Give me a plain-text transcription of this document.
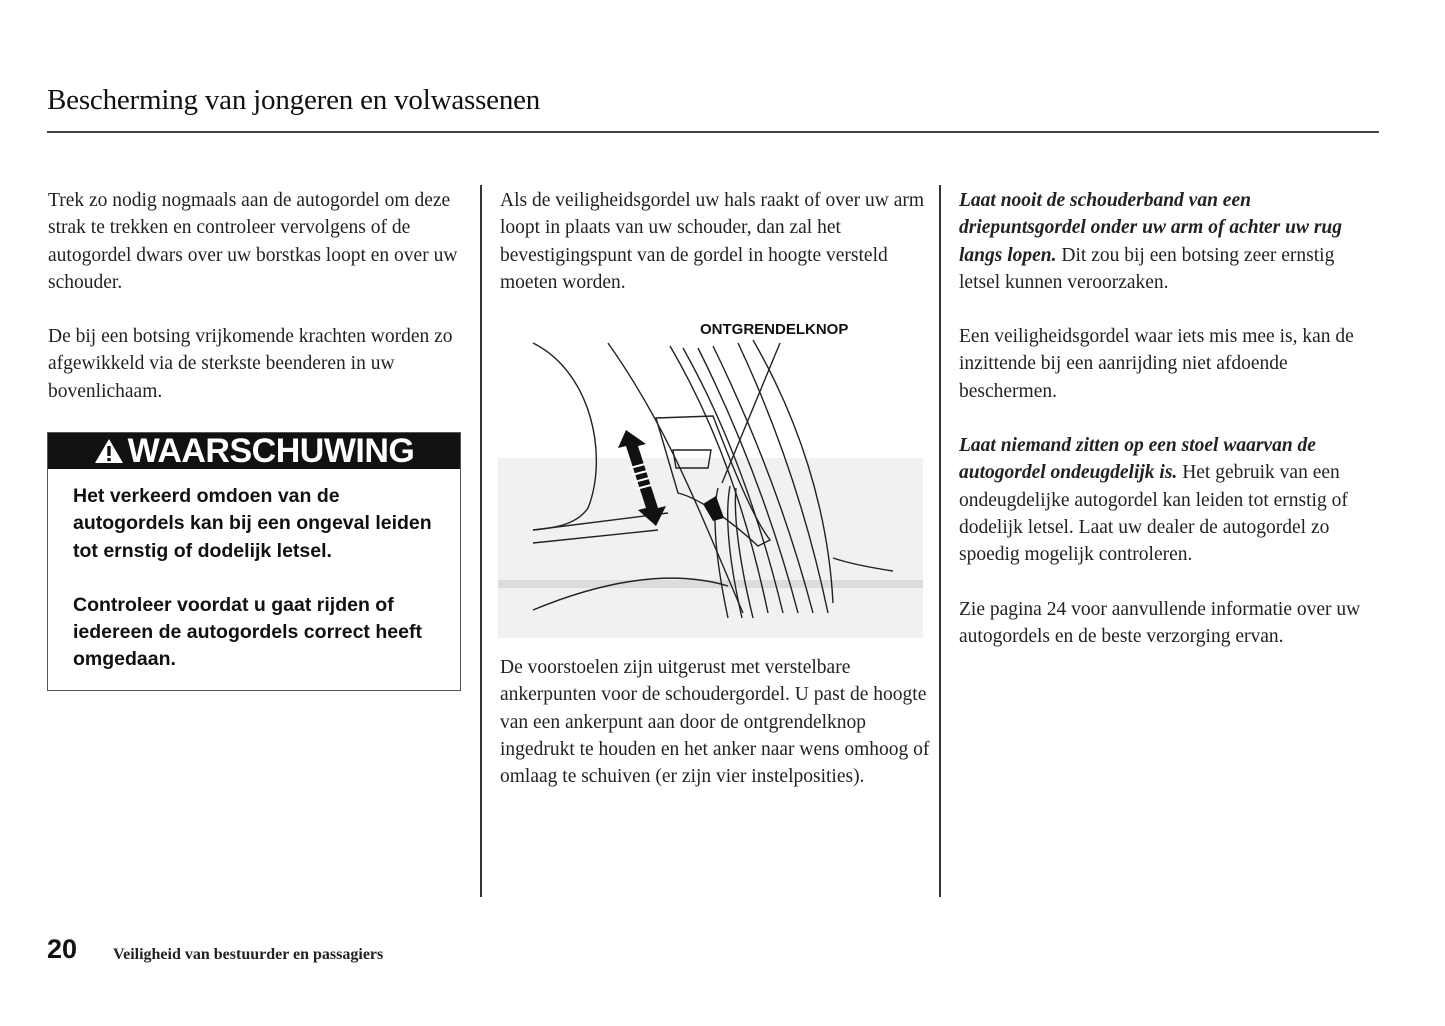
Bescherming van jongeren en volwassenen

Trek zo nodig nogmaals aan de autogordel om deze strak te trekken en controleer vervolgens of de autogordel dwars over uw borstkas loopt en over uw schouder.

De bij een botsing vrijkomende krachten worden zo afgewikkeld via de sterkste beenderen in uw bovenlichaam.

WAARSCHUWING

Het verkeerd omdoen van de autogordels kan bij een ongeval leiden tot ernstig of dodelijk letsel.

Controleer voordat u gaat rijden of iedereen de autogordels correct heeft omgedaan.

Als de veiligheidsgordel uw hals raakt of over uw arm loopt in plaats van uw schouder, dan zal het bevestigingspunt van de gordel in hoogte versteld moeten worden.

ONTGRENDELKNOP
De voorstoelen zijn uitgerust met verstelbare ankerpunten voor de schoudergordel. U past de hoogte van een ankerpunt aan door de ontgrendelknop ingedrukt te houden en het anker naar wens omhoog of omlaag te schuiven (er zijn vier instelposities).

Laat nooit de schouderband van een driepuntsgordel onder uw arm of achter uw rug langs lopen. Dit zou bij een botsing zeer ernstig letsel kunnen veroorzaken.

Een veiligheidsgordel waar iets mis mee is, kan de inzittende bij een aanrijding niet afdoende beschermen.

Laat niemand zitten op een stoel waarvan de autogordel ondeugdelijk is. Het gebruik van een ondeugdelijke autogordel kan leiden tot ernstig of dodelijk letsel. Laat uw dealer de autogordel zo spoedig mogelijk controleren.

Zie pagina 24 voor aanvullende informatie over uw autogordels en de beste verzorging ervan.

20 Veiligheid van bestuurder en passagiers
